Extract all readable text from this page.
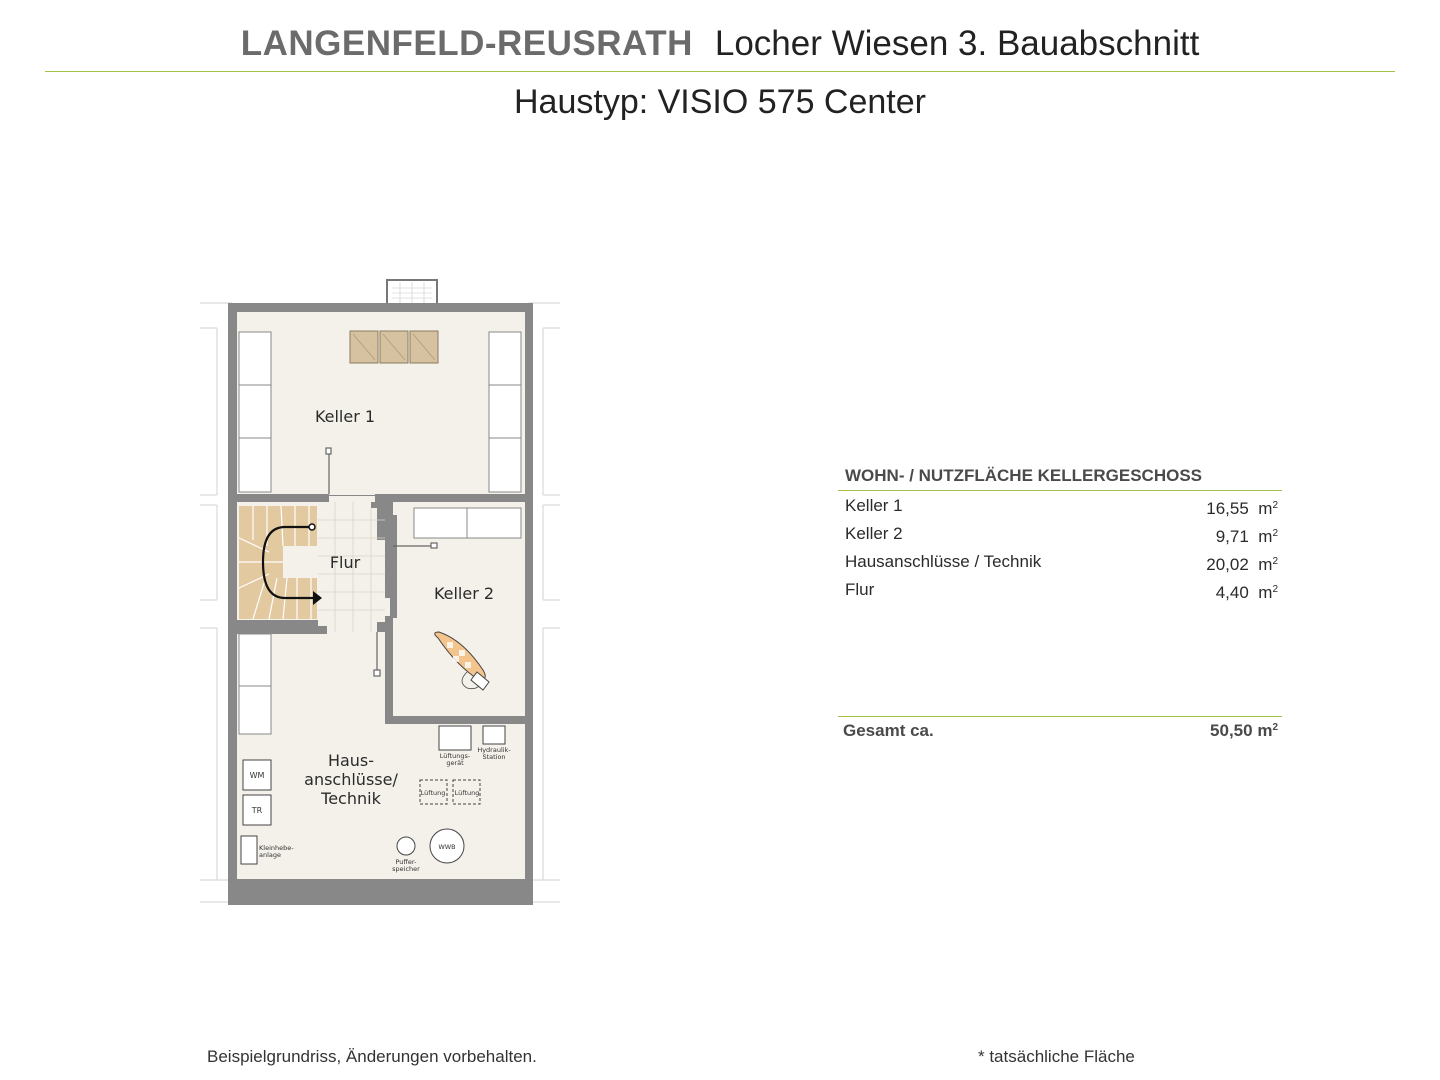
LANGENFELD-REUSRATH Locher Wiesen 3. Bauabschnitt
Haustyp: VISIO 575 Center
Keller 1
Flur
Keller 2
Haus-
anschlüsse/
Technik
WM
TR
WWB
Lüftungs-
gerät
Hydraulik-
Station
Lüftung Lüftung
Puffer-
speicher
Kleinhebe-
anlage
WOHN- / NUTZFLÄCHE KELLERGESCHOSS
Keller 1	16,55 $m^2$
Keller 2	9,71 $m^2$
Hausanschlüsse / Technik	20,02 $m^2$
Flur	4,40 $m^2$
Gesamt ca.	50,50 $m^2$
Beispielgrundriss, Änderungen vorbehalten.	* tatsächliche Fläche
